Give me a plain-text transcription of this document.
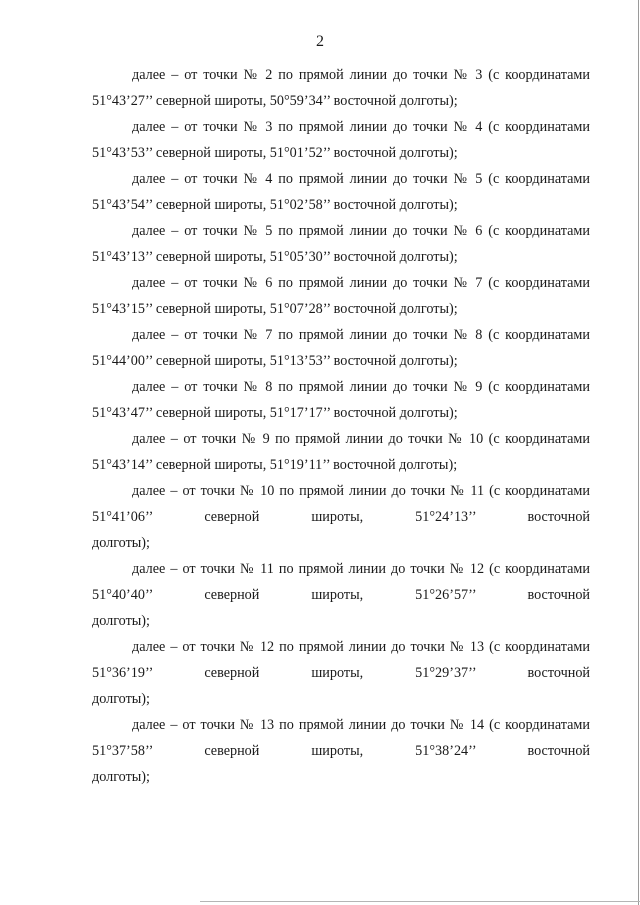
2

далее – от точки № 2 по прямой линии до точки № 3 (с координатами 51°43’27’’ северной широты, 50°59’34’’ восточной долготы);

далее – от точки № 3 по прямой линии до точки № 4 (с координатами 51°43’53’’ северной широты, 51°01’52’’ восточной долготы);

далее – от точки № 4 по прямой линии до точки № 5 (с координатами 51°43’54’’ северной широты, 51°02’58’’ восточной долготы);

далее – от точки № 5 по прямой линии до точки № 6 (с координатами 51°43’13’’ северной широты, 51°05’30’’ восточной долготы);

далее – от точки № 6 по прямой линии до точки № 7 (с координатами 51°43’15’’ северной широты, 51°07’28’’ восточной долготы);

далее – от точки № 7 по прямой линии до точки № 8 (с координатами 51°44’00’’ северной широты, 51°13’53’’ восточной долготы);

далее – от точки № 8 по прямой линии до точки № 9 (с координатами 51°43’47’’ северной широты, 51°17’17’’ восточной долготы);

далее – от точки № 9 по прямой линии до точки № 10 (с координатами 51°43’14’’ северной широты, 51°19’11’’ восточной долготы);

далее – от точки № 10 по прямой линии до точки № 11 (с координатами 51°41’06’’ северной широты, 51°24’13’’ восточной
долготы);

далее – от точки № 11 по прямой линии до точки № 12 (с координатами 51°40’40’’ северной широты, 51°26’57’’ восточной
долготы);

далее – от точки № 12 по прямой линии до точки № 13 (с координатами 51°36’19’’ северной широты, 51°29’37’’ восточной
долготы);

далее – от точки № 13 по прямой линии до точки № 14 (с координатами 51°37’58’’ северной широты, 51°38’24’’ восточной
долготы);
